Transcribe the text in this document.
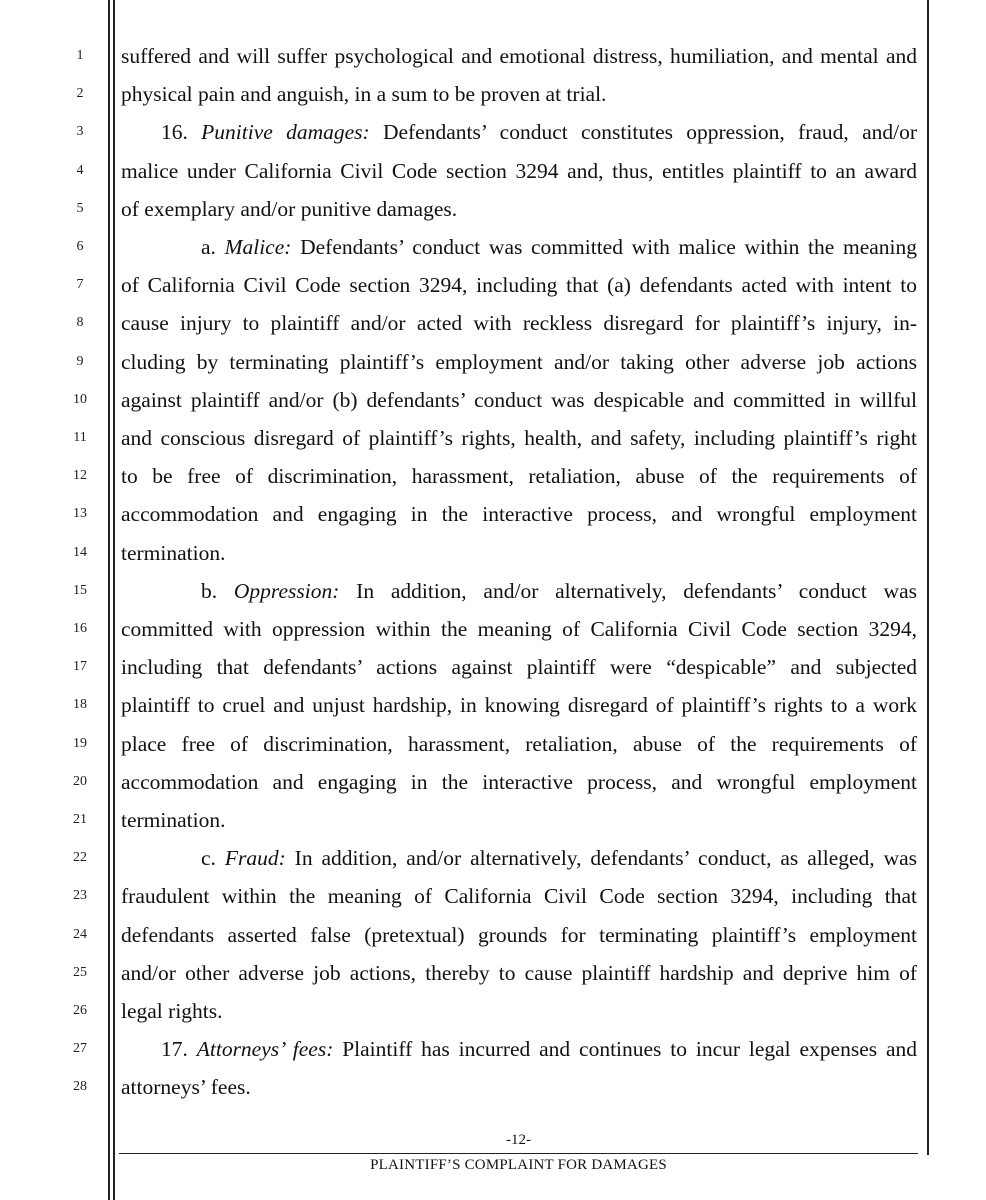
1
2
3
4
5
6
7
8
9
10
11
12
13
14
15
16
17
18
19
20
21
22
23
24
25
26
27
28
suffered and will suffer psychological and emotional distress, humiliation, and mental and
physical pain and anguish, in a sum to be proven at trial.
16. Punitive damages: Defendants’ conduct constitutes oppression, fraud, and/or
malice under California Civil Code section 3294 and, thus, entitles plaintiff to an award
of exemplary and/or punitive damages.
a. Malice: Defendants’ conduct was committed with malice within the meaning
of California Civil Code section 3294, including that (a) defendants acted with intent to
cause injury to plaintiff and/or acted with reckless disregard for plaintiff’s injury, in-
cluding by terminating plaintiff’s employment and/or taking other adverse job actions
against plaintiff and/or (b) defendants’ conduct was despicable and committed in willful
and conscious disregard of plaintiff’s rights, health, and safety, including plaintiff’s right
to be free of discrimination, harassment, retaliation, abuse of the requirements of
accommodation and engaging in the interactive process, and wrongful employment
termination.
b. Oppression: In addition, and/or alternatively, defendants’ conduct was
committed with oppression within the meaning of California Civil Code section 3294,
including that defendants’ actions against plaintiff were “despicable” and subjected
plaintiff to cruel and unjust hardship, in knowing disregard of plaintiff’s rights to a work
place free of discrimination, harassment, retaliation, abuse of the requirements of
accommodation and engaging in the interactive process, and wrongful employment
termination.
c. Fraud: In addition, and/or alternatively, defendants’ conduct, as alleged, was
fraudulent within the meaning of California Civil Code section 3294, including that
defendants asserted false (pretextual) grounds for terminating plaintiff’s employment
and/or other adverse job actions, thereby to cause plaintiff hardship and deprive him of
legal rights.
17. Attorneys’ fees: Plaintiff has incurred and continues to incur legal expenses and
attorneys’ fees.
-12-
PLAINTIFF’S COMPLAINT FOR DAMAGES
